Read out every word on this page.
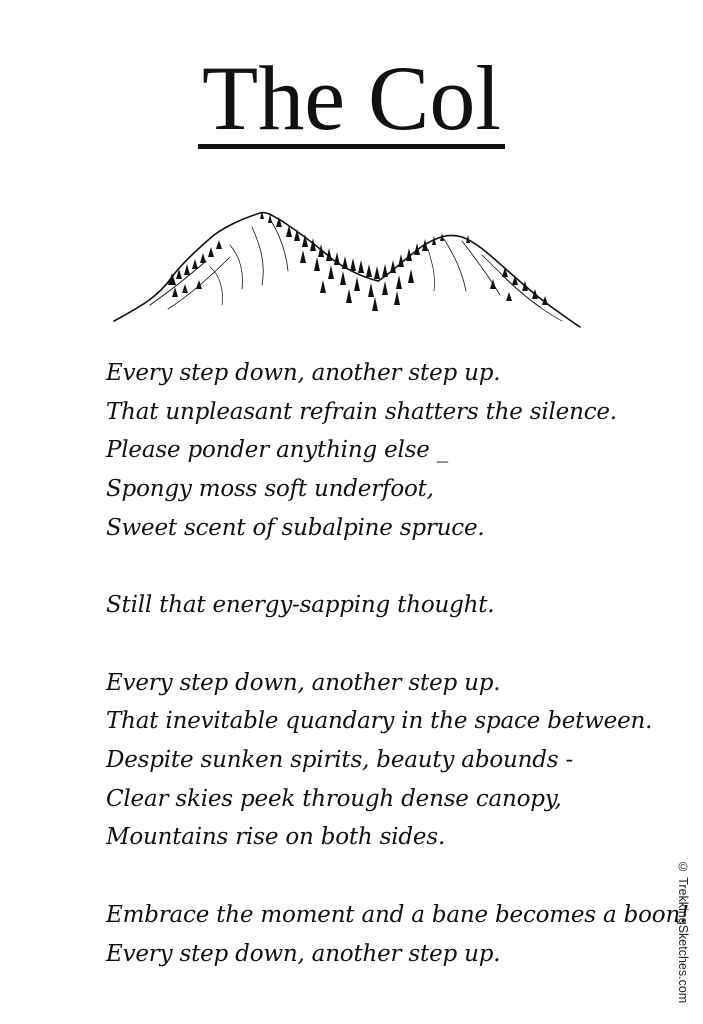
The Col
Every step down, another step up.
That unpleasant refrain shatters the silence.
Please ponder anything else _
Spongy moss soft underfoot,
Sweet scent of subalpine spruce.
Still that energy-sapping thought.
Every step down, another step up.
That inevitable quandary in the space between.
Despite sunken spirits, beauty abounds -
Clear skies peek through dense canopy,
Mountains rise on both sides.
Embrace the moment and a bane becomes a boon!
Every step down, another step up.	© TrekkingSketches.com
